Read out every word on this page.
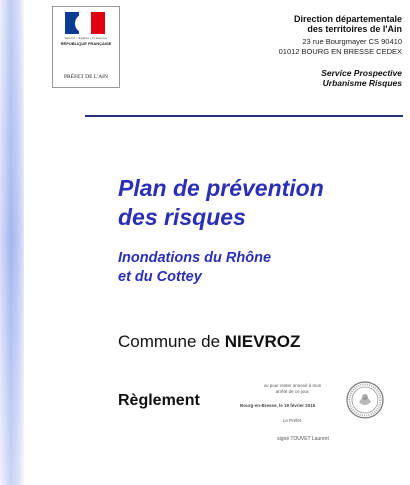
Liberté • Égalité • Fraternité
RÉPUBLIQUE FRANÇAISE
PRÉFET DE L'AIN
Direction départementale
des territoires de l'Ain
23 rue Bourgmayer CS 90410
01012 BOURG EN BRESSE CEDEX
Service Prospective
Urbanisme Risques
Plan de prévention
des risques
Inondations du Rhône
et du Cottey
Commune de NIEVROZ
Règlement
vu pour rester annexé à mon
arrêté de ce jour,
Bourg-en-Bresse, le 19 février 2015
Le Préfet
signé TOUVET Laurent
